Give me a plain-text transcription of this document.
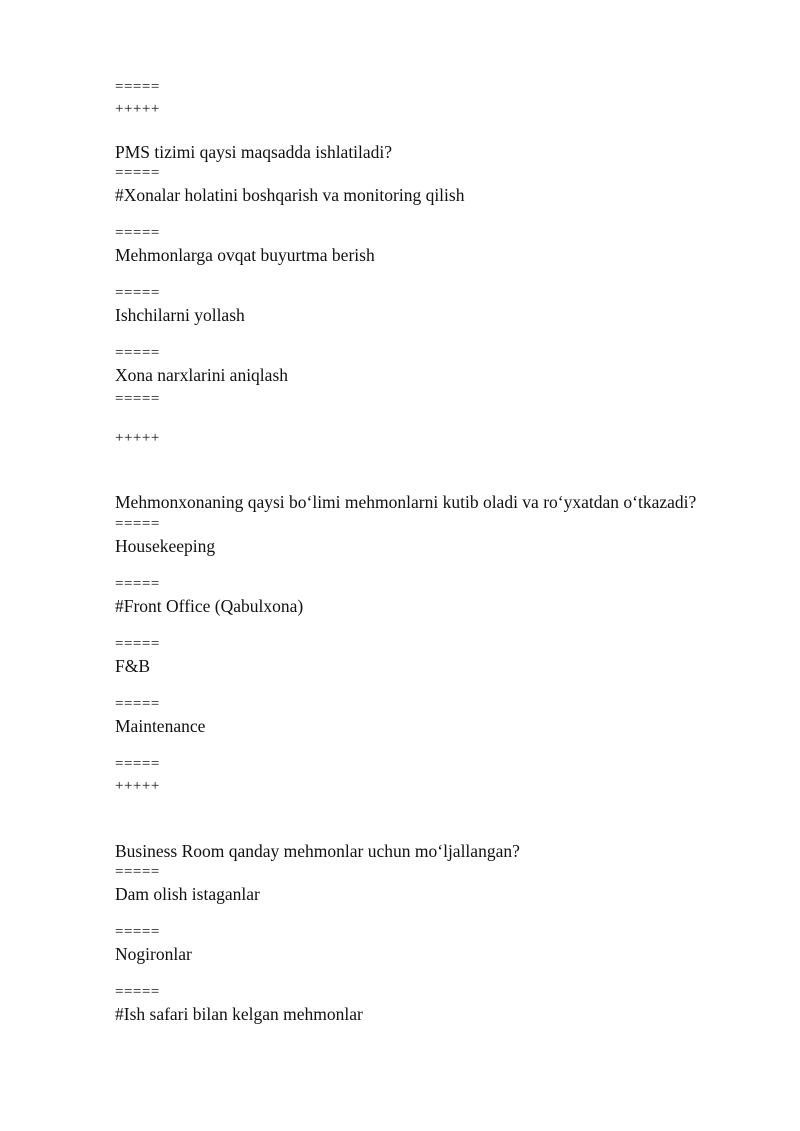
=====
+++++
PMS tizimi qaysi maqsadda ishlatiladi?
=====
#Xonalar holatini boshqarish va monitoring qilish
=====
Mehmonlarga ovqat buyurtma berish
=====
Ishchilarni yollash
=====
Xona narxlarini aniqlash
=====
+++++
Mehmonxonaning qaysi bo‘limi mehmonlarni kutib oladi va ro‘yxatdan o‘tkazadi?
=====
Housekeeping
=====
#Front Office (Qabulxona)
=====
F&B
=====
Maintenance
=====
+++++
Business Room qanday mehmonlar uchun mo‘ljallangan?
=====
Dam olish istaganlar
=====
Nogironlar
=====
#Ish safari bilan kelgan mehmonlar
